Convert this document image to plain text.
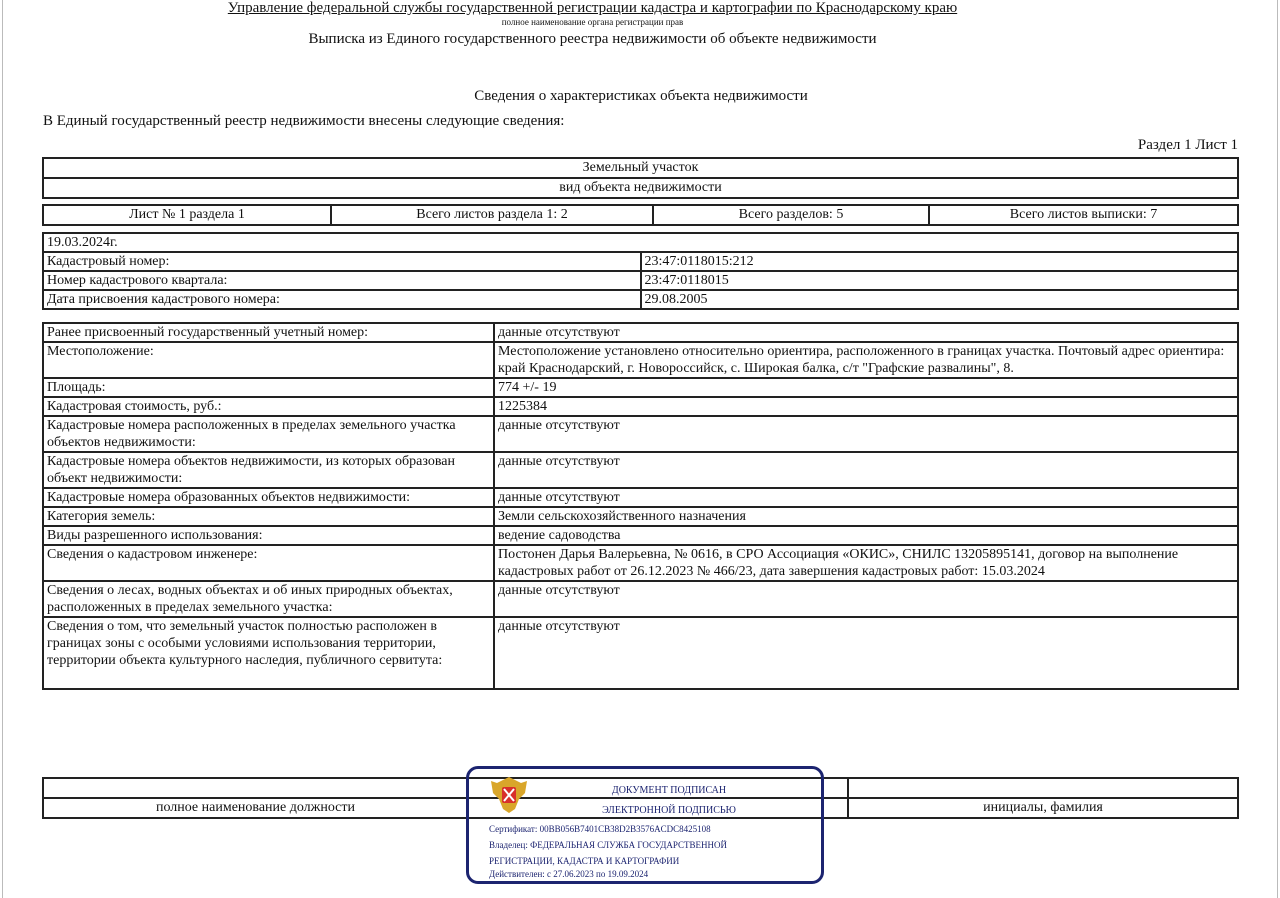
Управление федеральной службы государственной регистрации кадастра и картографии по Краснодарскому краю
полное наименование органа регистрации прав
Выписка из Единого государственного реестра недвижимости об объекте недвижимости
Сведения о характеристиках объекта недвижимости
В Единый государственный реестр недвижимости внесены следующие сведения:
Раздел 1 Лист 1
Земельный участок
вид объекта недвижимости
Лист № 1 раздела 1	Всего листов раздела 1: 2	Всего разделов: 5	Всего листов выписки: 7
19.03.2024г.	
Кадастровый номер:	23:47:0118015:212
Номер кадастрового квартала:	23:47:0118015
Дата присвоения кадастрового номера:	29.08.2005
Ранее присвоенный государственный учетный номер:	данные отсутствуют
Местоположение:	Местоположение установлено относительно ориентира, расположенного в границах участка. Почтовый адрес ориентира: край Краснодарский, г. Новороссийск, с. Широкая балка, с/т "Графские развалины", 8.
Площадь:	774 +/- 19
Кадастровая стоимость, руб.:	1225384
Кадастровые номера расположенных в пределах земельного участка объектов недвижимости:	данные отсутствуют
Кадастровые номера объектов недвижимости, из которых образован объект недвижимости:	данные отсутствуют
Кадастровые номера образованных объектов недвижимости:	данные отсутствуют
Категория земель:	Земли сельскохозяйственного назначения
Виды разрешенного использования:	ведение садоводства
Сведения о кадастровом инженере:	Постонен Дарья Валерьевна, № 0616, в СРО Ассоциация «ОКИС», СНИЛС 13205895141, договор на выполнение кадастровых работ от 26.12.2023 № 466/23, дата завершения кадастровых работ: 15.03.2024
Сведения о лесах, водных объектах и об иных природных объектах, расположенных в пределах земельного участка:	данные отсутствуют
Сведения о том, что земельный участок полностью расположен в границах зоны с особыми условиями использования территории, территории объекта культурного наследия, публичного сервитута:	данные отсутствуют

полное наименование должности		инициалы, фамилия
ДОКУМЕНТ ПОДПИСАН
ЭЛЕКТРОННОЙ ПОДПИСЬЮ
Сертификат: 00BB056B7401CB38D2B3576ACDC8425108
Владелец: ФЕДЕРАЛЬНАЯ СЛУЖБА ГОСУДАРСТВЕННОЙ
РЕГИСТРАЦИИ, КАДАСТРА И КАРТОГРАФИИ
Действителен: с 27.06.2023 по 19.09.2024
